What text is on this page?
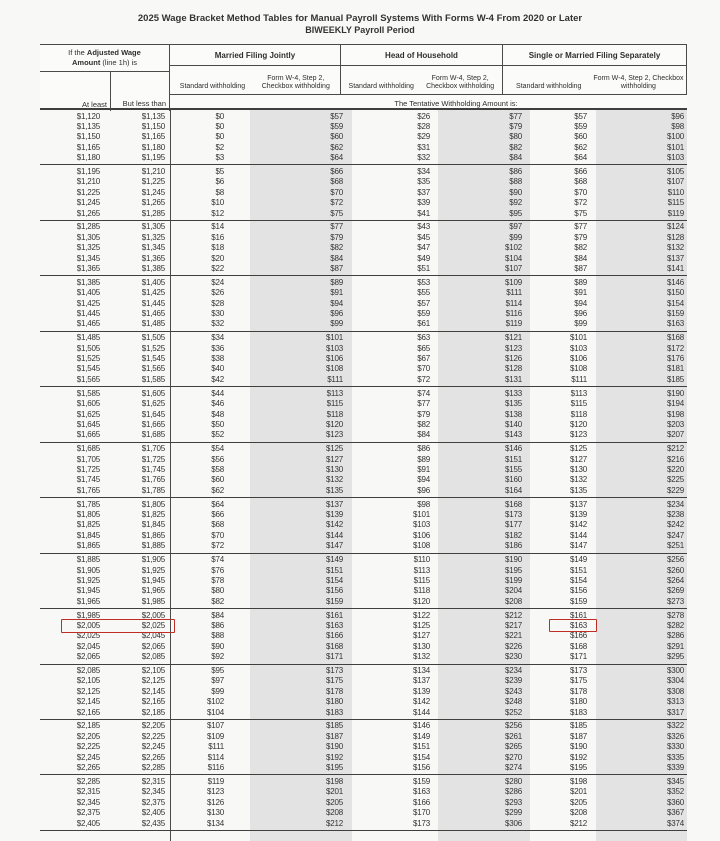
2025 Wage Bracket Method Tables for Manual Payroll Systems With Forms W-4 From 2020 or Later
BIWEEKLY Payroll Period
If the Adjusted Wage
Amount (line 1h) is
At least	But less than
Married Filing Jointly
Standard withholding
Form W-4, Step 2, Checkbox withholding
Head of Household
Standard withholding
Form W-4, Step 2, Checkbox withholding
Single or Married Filing Separately
Standard withholding
Form W-4, Step 2, Checkbox withholding
The Tentative Withholding Amount is:
$1,120	$1,135	$0	$57	$26	$77	$57	$96
$1,135	$1,150	$0	$59	$28	$79	$59	$98
$1,150	$1,165	$0	$60	$29	$80	$60	$100
$1,165	$1,180	$2	$62	$31	$82	$62	$101
$1,180	$1,195	$3	$64	$32	$84	$64	$103
$1,195	$1,210	$5	$66	$34	$86	$66	$105
$1,210	$1,225	$6	$68	$35	$88	$68	$107
$1,225	$1,245	$8	$70	$37	$90	$70	$110
$1,245	$1,265	$10	$72	$39	$92	$72	$115
$1,265	$1,285	$12	$75	$41	$95	$75	$119
$1,285	$1,305	$14	$77	$43	$97	$77	$124
$1,305	$1,325	$16	$79	$45	$99	$79	$128
$1,325	$1,345	$18	$82	$47	$102	$82	$132
$1,345	$1,365	$20	$84	$49	$104	$84	$137
$1,365	$1,385	$22	$87	$51	$107	$87	$141
$1,385	$1,405	$24	$89	$53	$109	$89	$146
$1,405	$1,425	$26	$91	$55	$111	$91	$150
$1,425	$1,445	$28	$94	$57	$114	$94	$154
$1,445	$1,465	$30	$96	$59	$116	$96	$159
$1,465	$1,485	$32	$99	$61	$119	$99	$163
$1,485	$1,505	$34	$101	$63	$121	$101	$168
$1,505	$1,525	$36	$103	$65	$123	$103	$172
$1,525	$1,545	$38	$106	$67	$126	$106	$176
$1,545	$1,565	$40	$108	$70	$128	$108	$181
$1,565	$1,585	$42	$111	$72	$131	$111	$185
$1,585	$1,605	$44	$113	$74	$133	$113	$190
$1,605	$1,625	$46	$115	$77	$135	$115	$194
$1,625	$1,645	$48	$118	$79	$138	$118	$198
$1,645	$1,665	$50	$120	$82	$140	$120	$203
$1,665	$1,685	$52	$123	$84	$143	$123	$207
$1,685	$1,705	$54	$125	$86	$146	$125	$212
$1,705	$1,725	$56	$127	$89	$151	$127	$216
$1,725	$1,745	$58	$130	$91	$155	$130	$220
$1,745	$1,765	$60	$132	$94	$160	$132	$225
$1,765	$1,785	$62	$135	$96	$164	$135	$229
$1,785	$1,805	$64	$137	$98	$168	$137	$234
$1,805	$1,825	$66	$139	$101	$173	$139	$238
$1,825	$1,845	$68	$142	$103	$177	$142	$242
$1,845	$1,865	$70	$144	$106	$182	$144	$247
$1,865	$1,885	$72	$147	$108	$186	$147	$251
$1,885	$1,905	$74	$149	$110	$190	$149	$256
$1,905	$1,925	$76	$151	$113	$195	$151	$260
$1,925	$1,945	$78	$154	$115	$199	$154	$264
$1,945	$1,965	$80	$156	$118	$204	$156	$269
$1,965	$1,985	$82	$159	$120	$208	$159	$273
$1,985	$2,005	$84	$161	$122	$212	$161	$278
$2,005	$2,025	$86	$163	$125	$217	$163	$282
$2,025	$2,045	$88	$166	$127	$221	$166	$286
$2,045	$2,065	$90	$168	$130	$226	$168	$291
$2,065	$2,085	$92	$171	$132	$230	$171	$295
$2,085	$2,105	$95	$173	$134	$234	$173	$300
$2,105	$2,125	$97	$175	$137	$239	$175	$304
$2,125	$2,145	$99	$178	$139	$243	$178	$308
$2,145	$2,165	$102	$180	$142	$248	$180	$313
$2,165	$2,185	$104	$183	$144	$252	$183	$317
$2,185	$2,205	$107	$185	$146	$256	$185	$322
$2,205	$2,225	$109	$187	$149	$261	$187	$326
$2,225	$2,245	$111	$190	$151	$265	$190	$330
$2,245	$2,265	$114	$192	$154	$270	$192	$335
$2,265	$2,285	$116	$195	$156	$274	$195	$339
$2,285	$2,315	$119	$198	$159	$280	$198	$345
$2,315	$2,345	$123	$201	$163	$286	$201	$352
$2,345	$2,375	$126	$205	$166	$293	$205	$360
$2,375	$2,405	$130	$208	$170	$299	$208	$367
$2,405	$2,435	$134	$212	$173	$306	$212	$374
